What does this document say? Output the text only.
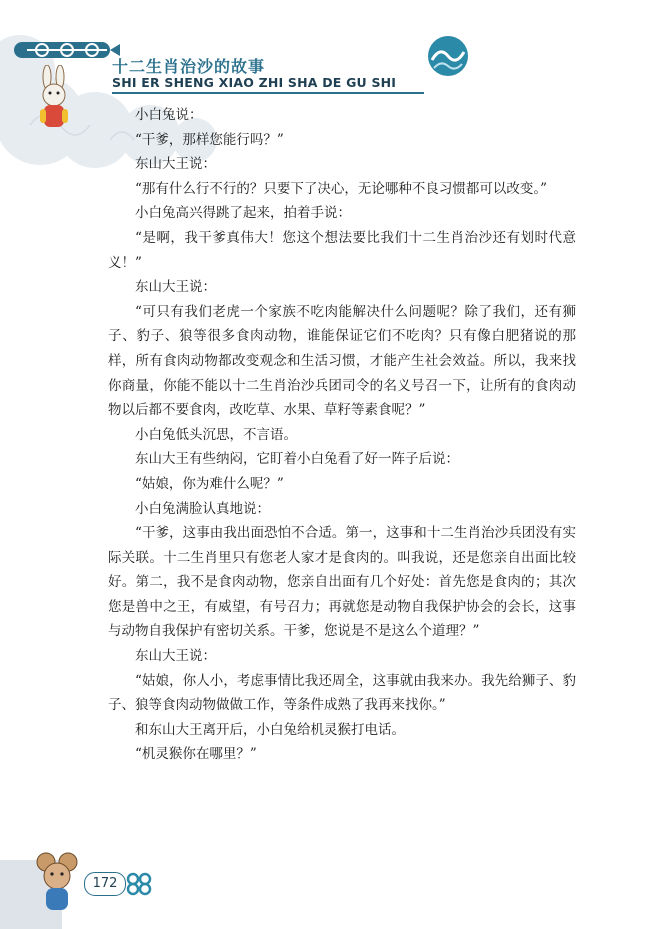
十二生肖治沙的故事
SHI ER SHENG XIAO ZHI SHA DE GU SHI

小白兔说：

“干爹，那样您能行吗？”

东山大王说：

“那有什么行不行的？只要下了决心，无论哪种不良习惯都可以改变。”

小白兔高兴得跳了起来，拍着手说：

“是啊，我干爹真伟大！您这个想法要比我们十二生肖治沙还有划时代意义！”

东山大王说：

“可只有我们老虎一个家族不吃肉能解决什么问题呢？除了我们，还有狮子、豹子、狼等很多食肉动物，谁能保证它们不吃肉？只有像白肥猪说的那样，所有食肉动物都改变观念和生活习惯，才能产生社会效益。所以，我来找你商量，你能不能以十二生肖治沙兵团司令的名义号召一下，让所有的食肉动物以后都不要食肉，改吃草、水果、草籽等素食呢？”

小白兔低头沉思，不言语。

东山大王有些纳闷，它盯着小白兔看了好一阵子后说：

“姑娘，你为难什么呢？”

小白兔满脸认真地说：

“干爹，这事由我出面恐怕不合适。第一，这事和十二生肖治沙兵团没有实际关联。十二生肖里只有您老人家才是食肉的。叫我说，还是您亲自出面比较好。第二，我不是食肉动物，您亲自出面有几个好处：首先您是食肉的；其次您是兽中之王，有威望，有号召力；再就您是动物自我保护协会的会长，这事与动物自我保护有密切关系。干爹，您说是不是这么个道理？”

东山大王说：

“姑娘，你人小，考虑事情比我还周全，这事就由我来办。我先给狮子、豹子、狼等食肉动物做做工作，等条件成熟了我再来找你。”

和东山大王离开后，小白兔给机灵猴打电话。

“机灵猴你在哪里？”

172
